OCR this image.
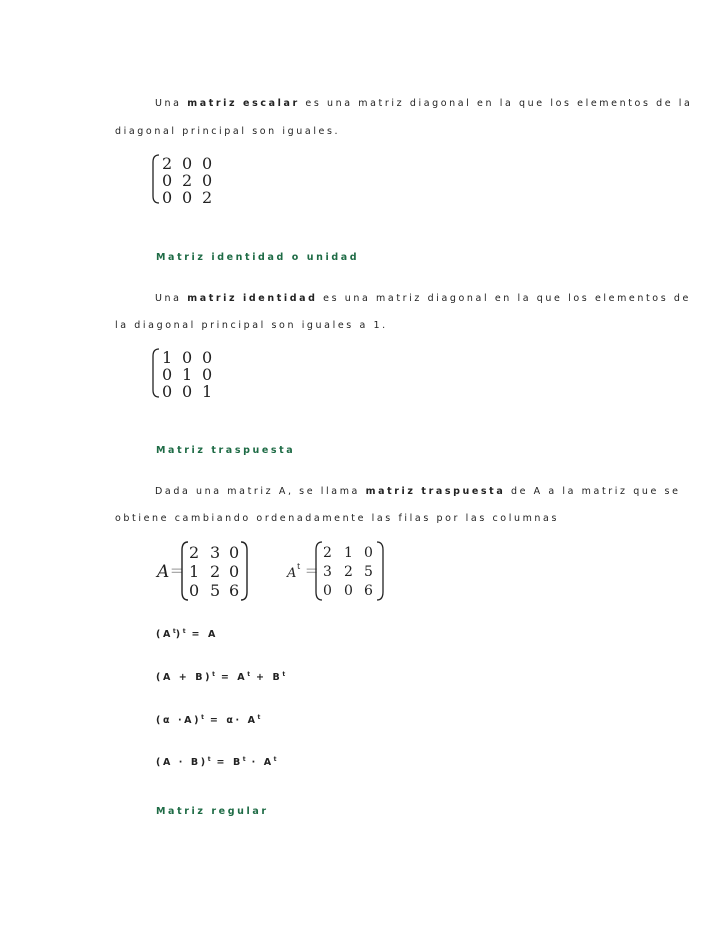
Una matriz escalar es una matriz diagonal en la que los elementos de la
diagonal principal son iguales.
2 0 0
0 2 0
0 0 2
Matriz identidad o unidad
Una matriz identidad es una matriz diagonal en la que los elementos de
la diagonal principal son iguales a 1.
1 0 0
0 1 0
0 0 1
Matriz traspuesta
Dada una matriz A, se llama matriz traspuesta de A a la matriz que se
obtiene cambiando ordenadamente las filas por las columnas
A =
2 3 0
1 2 0
0 5 6
A t =
2 1 0
3 2 5
0 0 6
$(A^t)^t = A$
$(A + B)^t = A^t + B^t$
$(\alpha \cdot A)^t = \alpha\cdot A^t$
$(A \cdot B)^t = B^t \cdot A^t$
Matriz regular
